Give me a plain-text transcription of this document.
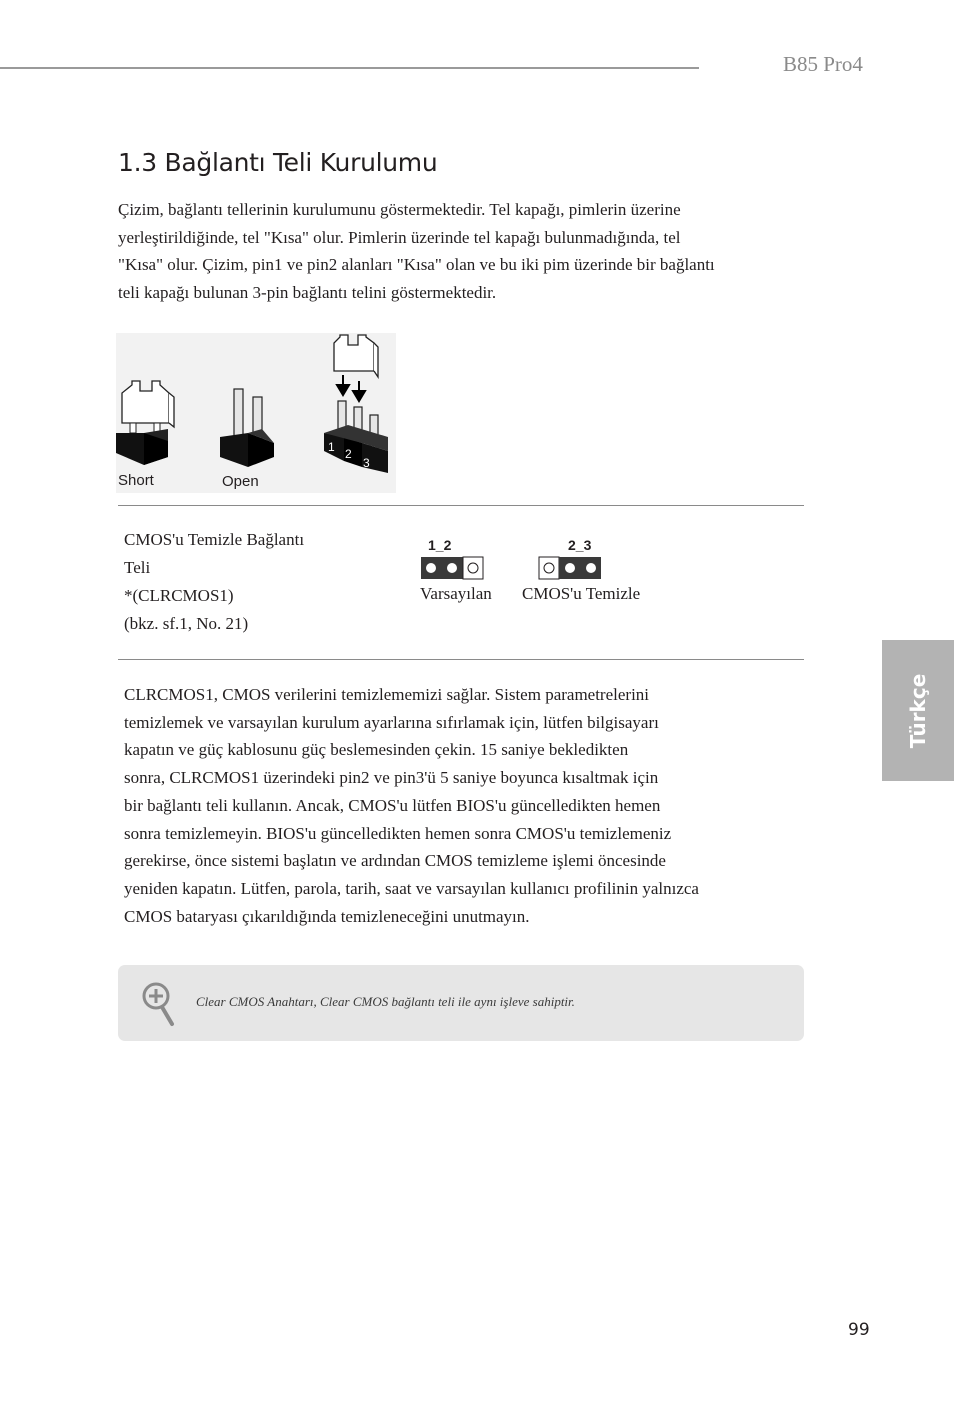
B85 Pro4
1.3 Bağlantı Teli Kurulumu

Çizim, bağlantı tellerinin kurulumunu göstermektedir. Tel kapağı, pimlerin üzerine
yerleştirildiğinde, tel "Kısa" olur. Pimlerin üzerinde tel kapağı bulunmadığında, tel
"Kısa" olur. Çizim, pin1 ve pin2 alanları "Kısa" olan ve bu iki pim üzerinde bir bağlantı
teli kapağı bulunan 3-pin bağlantı telini göstermektedir.

1 2
3
Short	Open
CMOS'u Temizle Bağlantı
Teli
*(CLRCMOS1)
(bkz. sf.1, No. 21)
1_2
Varsayılan
2_3
CMOS'u Temizle

CLRCMOS1, CMOS verilerini temizlememizi sağlar. Sistem parametrelerini
temizlemek ve varsayılan kurulum ayarlarına sıfırlamak için, lütfen bilgisayarı
kapatın ve güç kablosunu güç beslemesinden çekin. 15 saniye bekledikten
sonra, CLRCMOS1 üzerindeki pin2 ve pin3'ü 5 saniye boyunca kısaltmak için
bir bağlantı teli kullanın. Ancak, CMOS'u lütfen BIOS'u güncelledikten hemen
sonra temizlemeyin. BIOS'u güncelledikten hemen sonra CMOS'u temizlemeniz
gerekirse, önce sistemi başlatın ve ardından CMOS temizleme işlemi öncesinde
yeniden kapatın. Lütfen, parola, tarih, saat ve varsayılan kullanıcı profilinin yalnızca
CMOS bataryası çıkarıldığında temizleneceğini unutmayın.

Türkçe
Clear CMOS Anahtarı, Clear CMOS bağlantı teli ile aynı işleve sahiptir.
99
